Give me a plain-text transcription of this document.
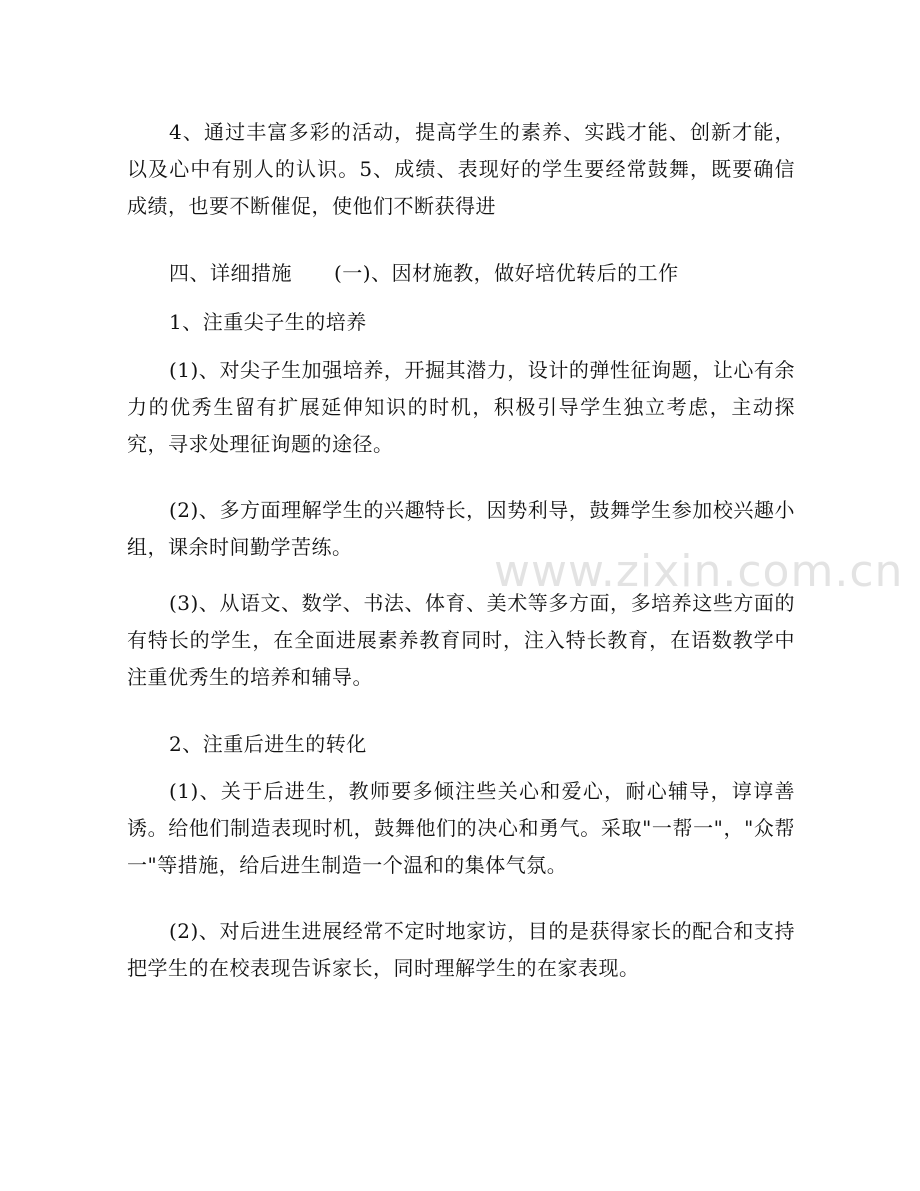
4、通过丰富多彩的活动，提高学生的素养、实践才能、创新才能，以及心中有别人的认识。5、成绩、表现好的学生要经常鼓舞，既要确信成绩，也要不断催促，使他们不断获得进

四、详细措施 (一)、因材施教，做好培优转后的工作

1、注重尖子生的培养

(1)、对尖子生加强培养，开掘其潜力，设计的弹性征询题，让心有余力的优秀生留有扩展延伸知识的时机，积极引导学生独立考虑，主动探究，寻求处理征询题的途径。

(2)、多方面理解学生的兴趣特长，因势利导，鼓舞学生参加校兴趣小组，课余时间勤学苦练。

(3)、从语文、数学、书法、体育、美术等多方面，多培养这些方面的有特长的学生，在全面进展素养教育同时，注入特长教育，在语数教学中注重优秀生的培养和辅导。

2、注重后进生的转化

(1)、关于后进生，教师要多倾注些关心和爱心，耐心辅导，谆谆善诱。给他们制造表现时机，鼓舞他们的决心和勇气。采取"一帮一"，"众帮一"等措施，给后进生制造一个温和的集体气氛。

(2)、对后进生进展经常不定时地家访，目的是获得家长的配合和支持把学生的在校表现告诉家长，同时理解学生的在家表现。

www.zixin.com.cn
